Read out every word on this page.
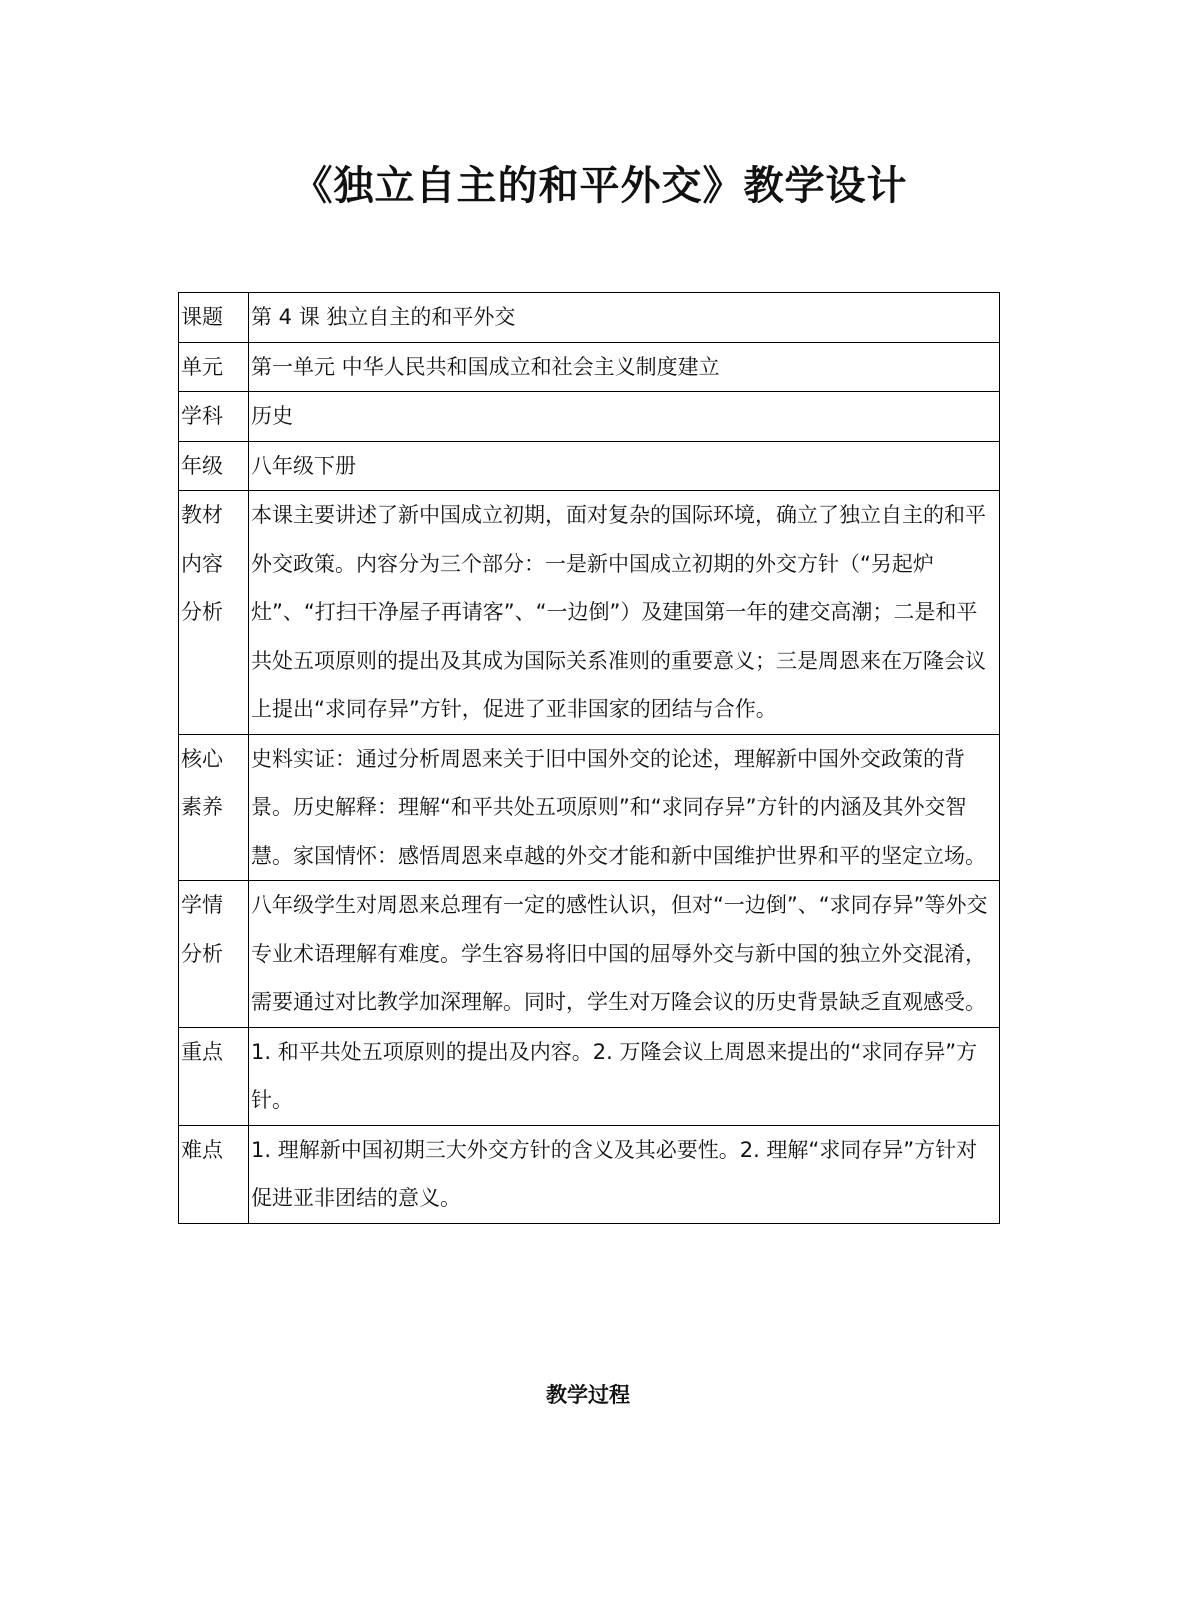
《独立自主的和平外交》教学设计
课题	第 4 课 独立自主的和平外交
单元	第一单元 中华人民共和国成立和社会主义制度建立
学科	历史
年级	八年级下册
教材
内容
分析	本课主要讲述了新中国成立初期，面对复杂的国际环境，确立了独立自主的和平外交政策。内容分为三个部分：一是新中国成立初期的外交方针（“另起炉灶”、“打扫干净屋子再请客”、“一边倒”）及建国第一年的建交高潮；二是和平共处五项原则的提出及其成为国际关系准则的重要意义；三是周恩来在万隆会议上提出“求同存异”方针，促进了亚非国家的团结与合作。
核心
素养	史料实证：通过分析周恩来关于旧中国外交的论述，理解新中国外交政策的背景。历史解释：理解“和平共处五项原则”和“求同存异”方针的内涵及其外交智慧。家国情怀：感悟周恩来卓越的外交才能和新中国维护世界和平的坚定立场。
学情
分析	八年级学生对周恩来总理有一定的感性认识，但对“一边倒”、“求同存异”等外交专业术语理解有难度。学生容易将旧中国的屈辱外交与新中国的独立外交混淆，需要通过对比教学加深理解。同时，学生对万隆会议的历史背景缺乏直观感受。
重点	1. 和平共处五项原则的提出及内容。2. 万隆会议上周恩来提出的“求同存异”方针。
难点	1. 理解新中国初期三大外交方针的含义及其必要性。2. 理解“求同存异”方针对促进亚非团结的意义。
教学过程
